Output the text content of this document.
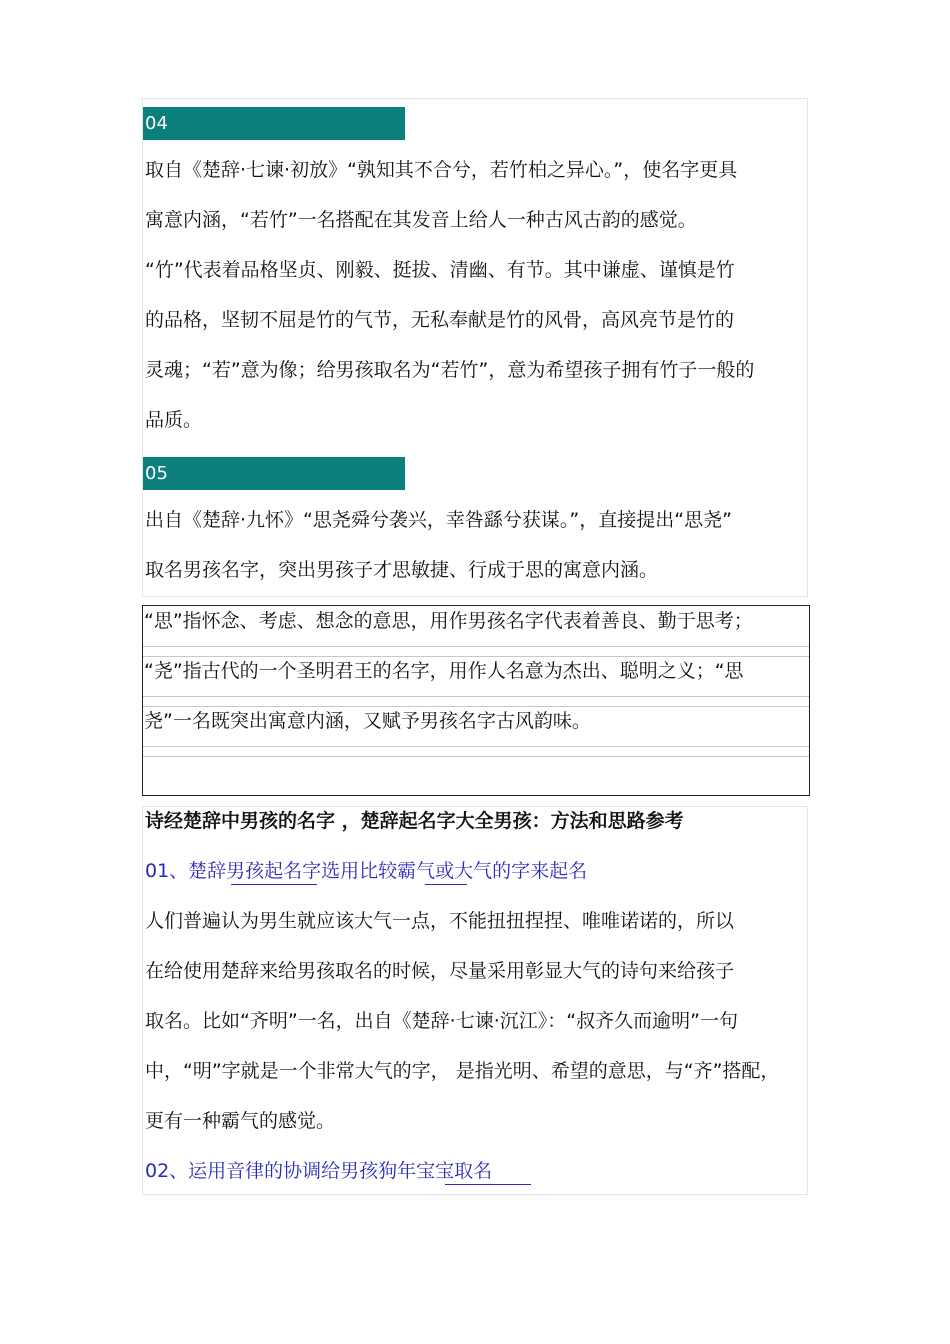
04
取自《楚辞·七谏·初放》“孰知其不合兮，若竹柏之异心。”，使名字更具
寓意内涵，“若竹”一名搭配在其发音上给人一种古风古韵的感觉。
“竹”代表着品格坚贞、刚毅、挺拔、清幽、有节。其中谦虚、谨慎是竹
的品格，坚韧不屈是竹的气节，无私奉献是竹的风骨，高风亮节是竹的
灵魂；“若”意为像；给男孩取名为“若竹”，意为希望孩子拥有竹子一般的
品质。
05
出自《楚辞·九怀》“思尧舜兮袭兴，幸咎繇兮获谋。”，直接提出“思尧”
取名男孩名字，突出男孩子才思敏捷、行成于思的寓意内涵。
“思”指怀念、考虑、想念的意思，用作男孩名字代表着善良、勤于思考；
“尧”指古代的一个圣明君王的名字，用作人名意为杰出、聪明之义；“思
尧”一名既突出寓意内涵，又赋予男孩名字古风韵味。
诗经楚辞中男孩的名字 ，楚辞起名字大全男孩：方法和思路参考
01、楚辞男孩起名字选用比较霸气或大气的字来起名
人们普遍认为男生就应该大气一点，不能扭扭捏捏、唯唯诺诺的，所以
在给使用楚辞来给男孩取名的时候，尽量采用彰显大气的诗句来给孩子
取名。比如“齐明”一名，出自《楚辞·七谏·沉江》：“叔齐久而逾明”一句
中，“明”字就是一个非常大气的字， 是指光明、希望的意思，与“齐”搭配，
更有一种霸气的感觉。
02、运用音律的协调给男孩狗年宝宝取名
